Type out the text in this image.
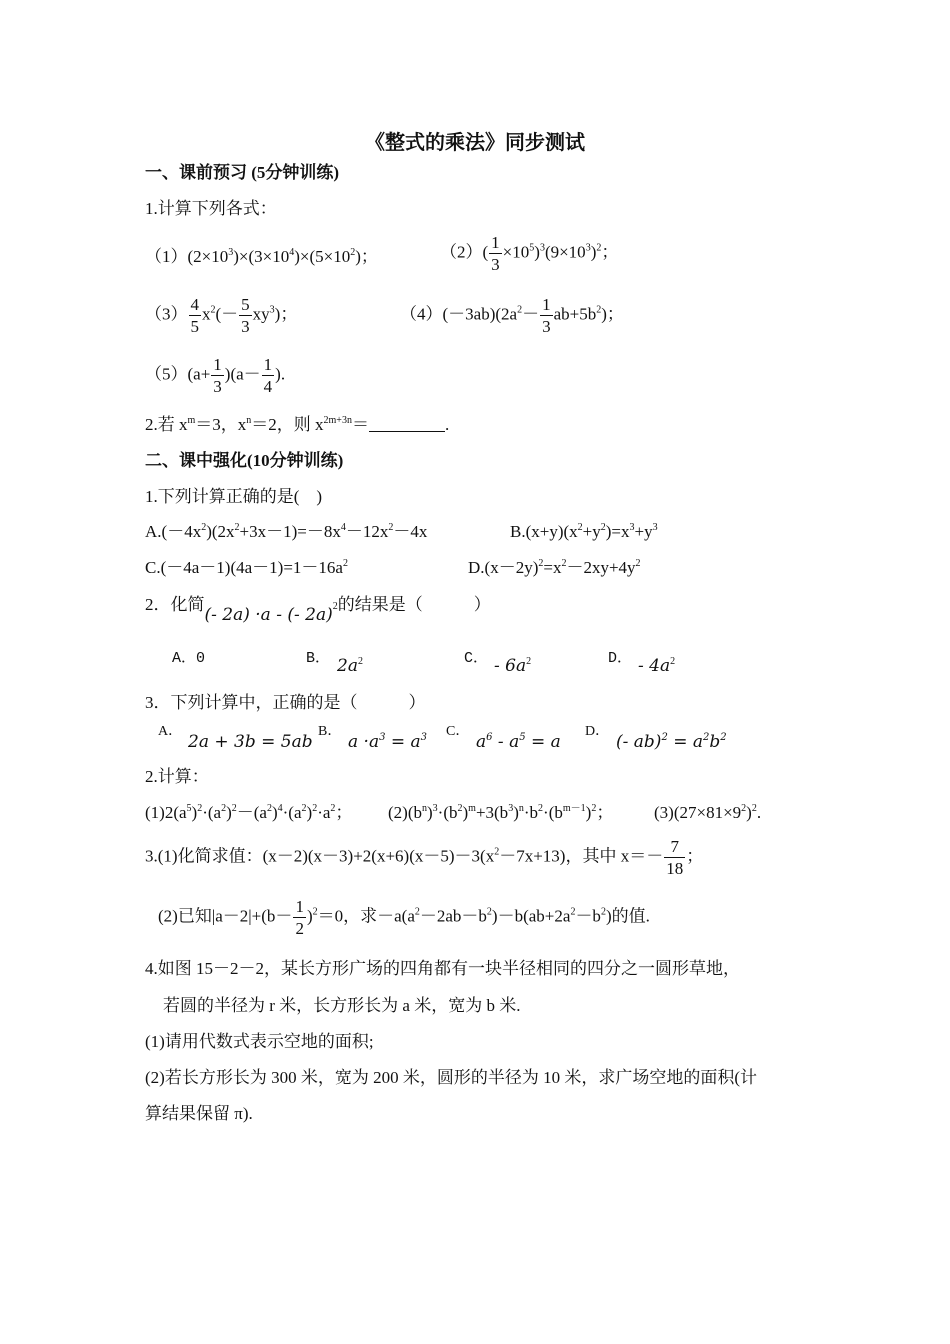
《整式的乘法》同步测试
一、课前预习 (5分钟训练)
1.计算下列各式：
$(1)(2\times 10^3)\times(3\times 10^4)\times(5\times 10^2)$；	$(2)( \frac{1}{3} \times 10^5)^3(9\times 10^3)^2$；
$(3) \frac{4}{5} x^2(- \frac{5}{3} xy^3)$；	$(4)(-3ab)(2a^2- \frac{1}{3} ab+5b^2)$；
$(5)(a+ \frac{1}{3} )(a- \frac{1}{4}$ ).
2.若 $x^m=3$，$x^n=2$，则 $x^{2m+3n}=$	.
二、课中强化(10分钟训练)
1.下列计算正确的是(　)
$A.(-4x^2)(2x^2+3x-1)=-8x^4-12x^2-4x$	$B.(x+y)(x^2+y^2)=x^3+y^3$
$C.(-4a-1)(4a-1)=1-16a^2$	$D.(x-2y)^2=x^2-2xy+4y^2$
2．化简(- 2a) ·a - (- 2a)$^2$的结果是（　　　）
A．0	B． $2a^2$	C． - $6a^2$	D． - $4a^2$
3．下列计算中，正确的是（　　　）
A．
2a + 3b = 5ab
B．
$a \cdot a^3 = a^3$ C．
$a^6 - a^5 = a$
D．
(- $ab)^2 = a^2b^2$
2.计算：
$(1)2(a^5)^2\cdot(a^2)^2-(a^2)^4\cdot(a^2)^2\cdot a^2$； $(2)(b^n)^3\cdot(b^2)^m+3(b^3)^n\cdot b^2\cdot(b^{m-1})^2$； $(3)(27\times 81\times 9^2)^2$.
3.(1)化简求值：$(x-2)(x-3)+2(x+6)(x-5)-3(x^2-7x+13)$，其中 $x=- \frac{7}{18}$ ；
(2)已知$|a-2|+(b- \frac{1}{2} )^2=0$，求$-a(a^2-2ab-b^2)-b(ab+2a^2-b^2)$的值.
4.如图 15－2－2，某长方形广场的四角都有一块半径相同的四分之一圆形草地，
若圆的半径为 r 米，长方形长为 a 米，宽为 b 米.
(1)请用代数式表示空地的面积;
(2)若长方形长为 300 米，宽为 200 米，圆形的半径为 10 米，求广场空地的面积(计
算结果保留 π).
